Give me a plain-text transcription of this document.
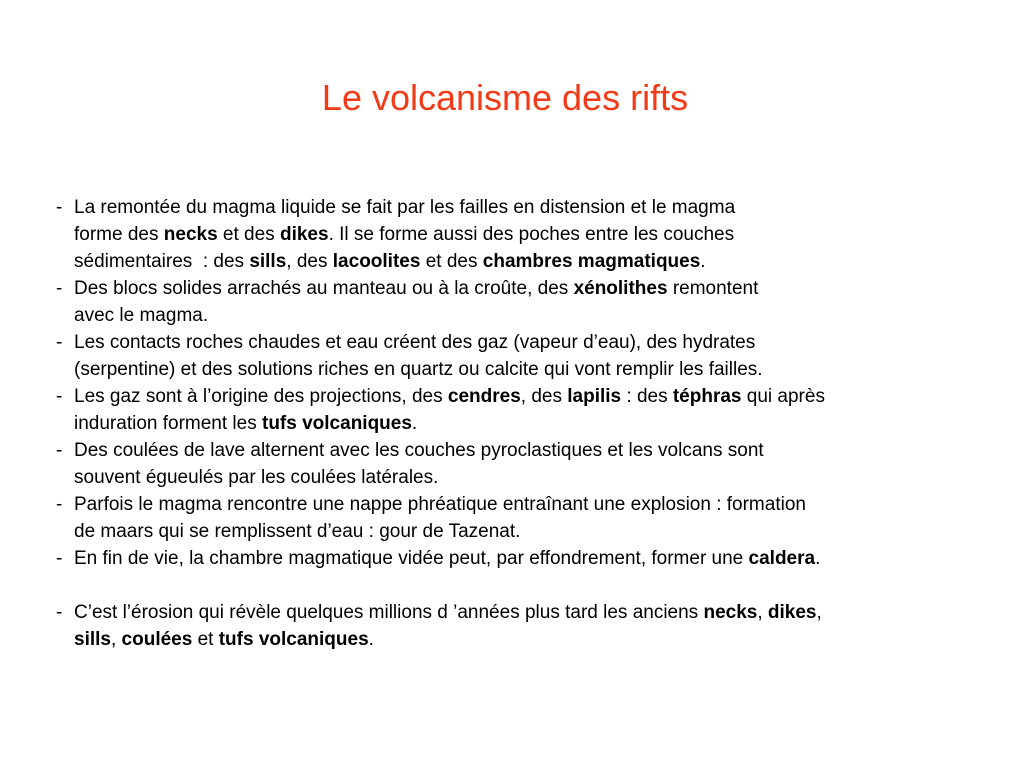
Le volcanisme des rifts
- La remontée du magma liquide se fait par les failles en distension et le magma
forme des necks et des dikes. Il se forme aussi des poches entre les couches
sédimentaires  : des sills, des lacoolites et des chambres magmatiques.
- Des blocs solides arrachés au manteau ou à la croûte, des xénolithes remontent
avec le magma.
- Les contacts roches chaudes et eau créent des gaz (vapeur d’eau), des hydrates
(serpentine) et des solutions riches en quartz ou calcite qui vont remplir les failles.
- Les gaz sont à l’origine des projections, des cendres, des lapilis : des téphras qui après
induration forment les tufs volcaniques.
- Des coulées de lave alternent avec les couches pyroclastiques et les volcans sont
souvent égueulés par les coulées latérales.
- Parfois le magma rencontre une nappe phréatique entraînant une explosion : formation
de maars qui se remplissent d’eau : gour de Tazenat.
- En fin de vie, la chambre magmatique vidée peut, par effondrement, former une caldera.
- C’est l’érosion qui révèle quelques millions d ’années plus tard les anciens necks, dikes,
sills, coulées et tufs volcaniques.
